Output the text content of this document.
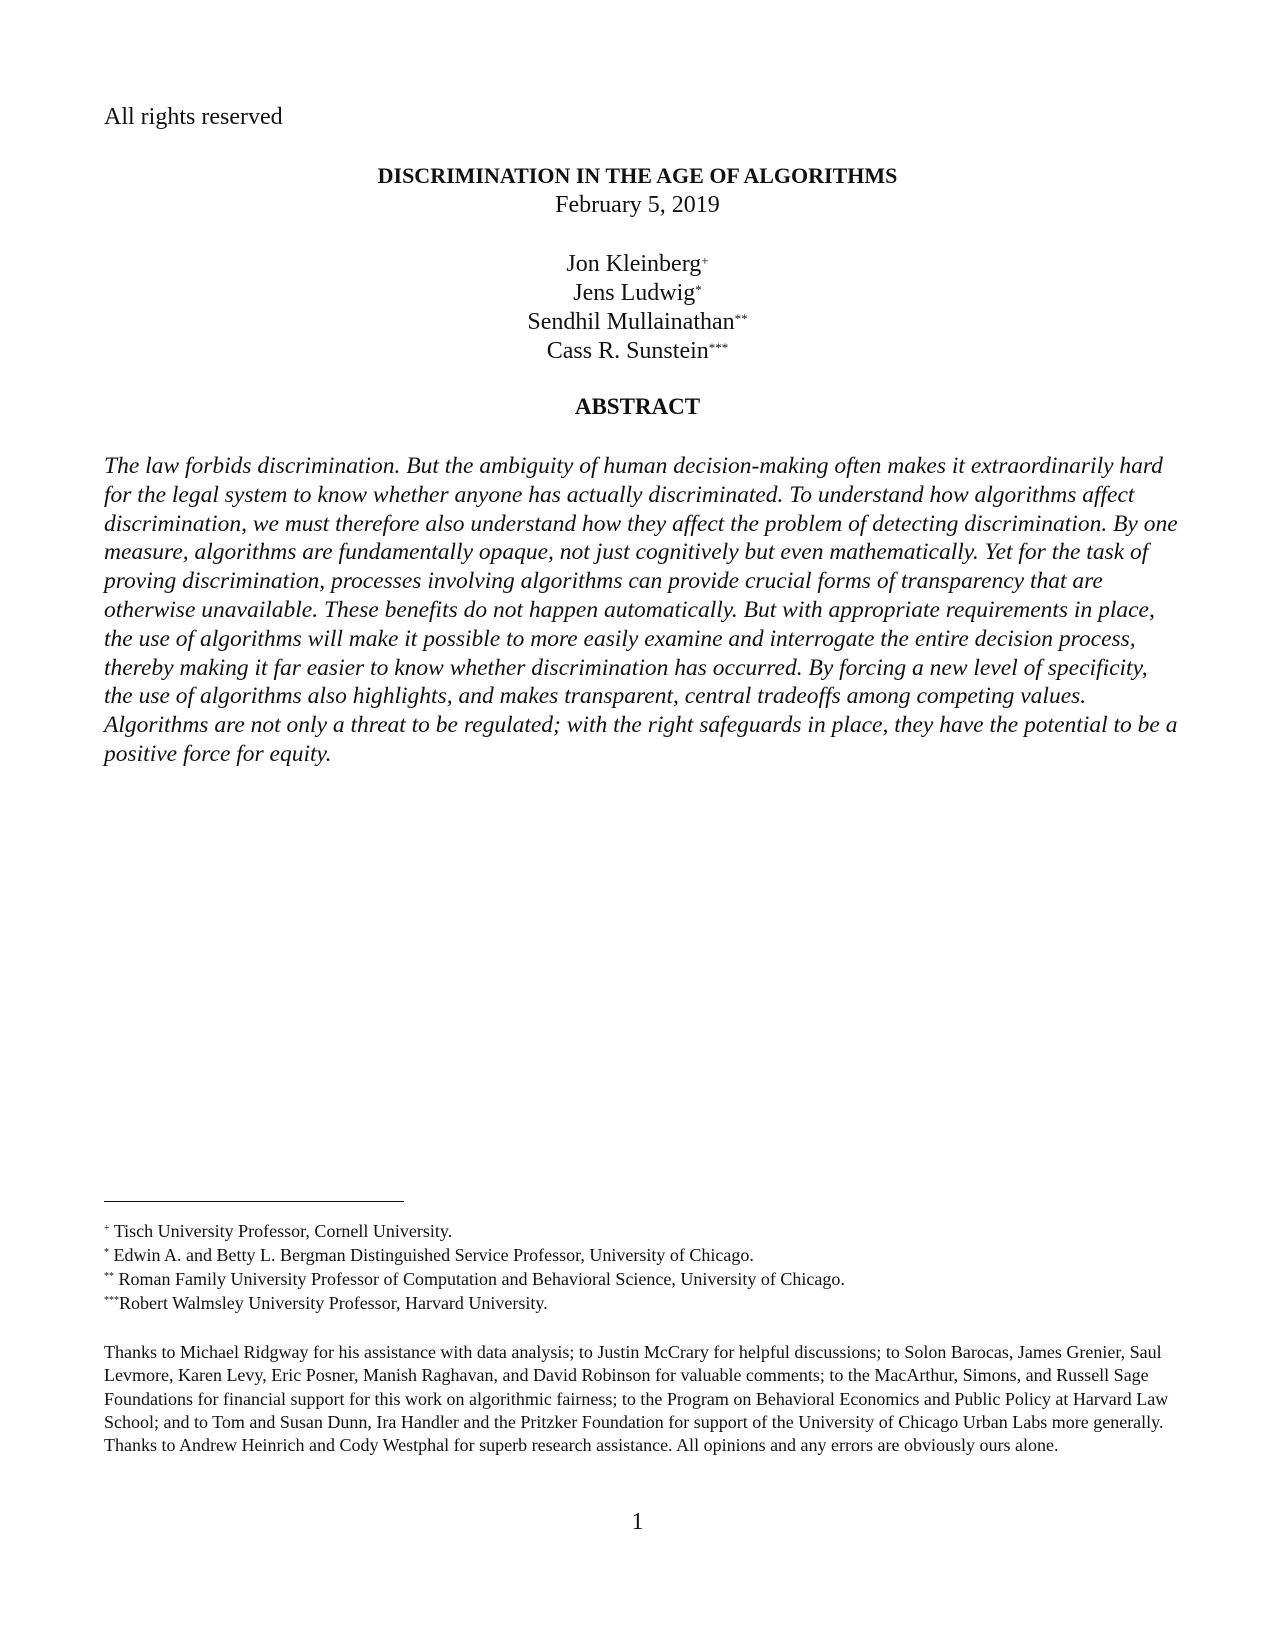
All rights reserved
DISCRIMINATION IN THE AGE OF ALGORITHMS
February 5, 2019
Jon Kleinberg+
Jens Ludwig*
Sendhil Mullainathan**
Cass R. Sunstein***
ABSTRACT

The law forbids discrimination. But the ambiguity of human decision-making often makes it extraordinarily hard for the legal system to know whether anyone has actually discriminated. To understand how algorithms affect discrimination, we must therefore also understand how they affect the problem of detecting discrimination. By one measure, algorithms are fundamentally opaque, not just cognitively but even mathematically. Yet for the task of proving discrimination, processes involving algorithms can provide crucial forms of transparency that are otherwise unavailable. These benefits do not happen automatically. But with appropriate requirements in place, the use of algorithms will make it possible to more easily examine and interrogate the entire decision process, thereby making it far easier to know whether discrimination has occurred. By forcing a new level of specificity, the use of algorithms also highlights, and makes transparent, central tradeoffs among competing values. Algorithms are not only a threat to be regulated; with the right safeguards in place, they have the potential to be a positive force for equity.

+ Tisch University Professor, Cornell University.
* Edwin A. and Betty L. Bergman Distinguished Service Professor, University of Chicago.
** Roman Family University Professor of Computation and Behavioral Science, University of Chicago.
***Robert Walmsley University Professor, Harvard University.

Thanks to Michael Ridgway for his assistance with data analysis; to Justin McCrary for helpful discussions; to Solon Barocas, James Grenier, Saul Levmore, Karen Levy, Eric Posner, Manish Raghavan, and David Robinson for valuable comments; to the MacArthur, Simons, and Russell Sage Foundations for financial support for this work on algorithmic fairness; to the Program on Behavioral Economics and Public Policy at Harvard Law School; and to Tom and Susan Dunn, Ira Handler and the Pritzker Foundation for support of the University of Chicago Urban Labs more generally. Thanks to Andrew Heinrich and Cody Westphal for superb research assistance. All opinions and any errors are obviously ours alone.

1
